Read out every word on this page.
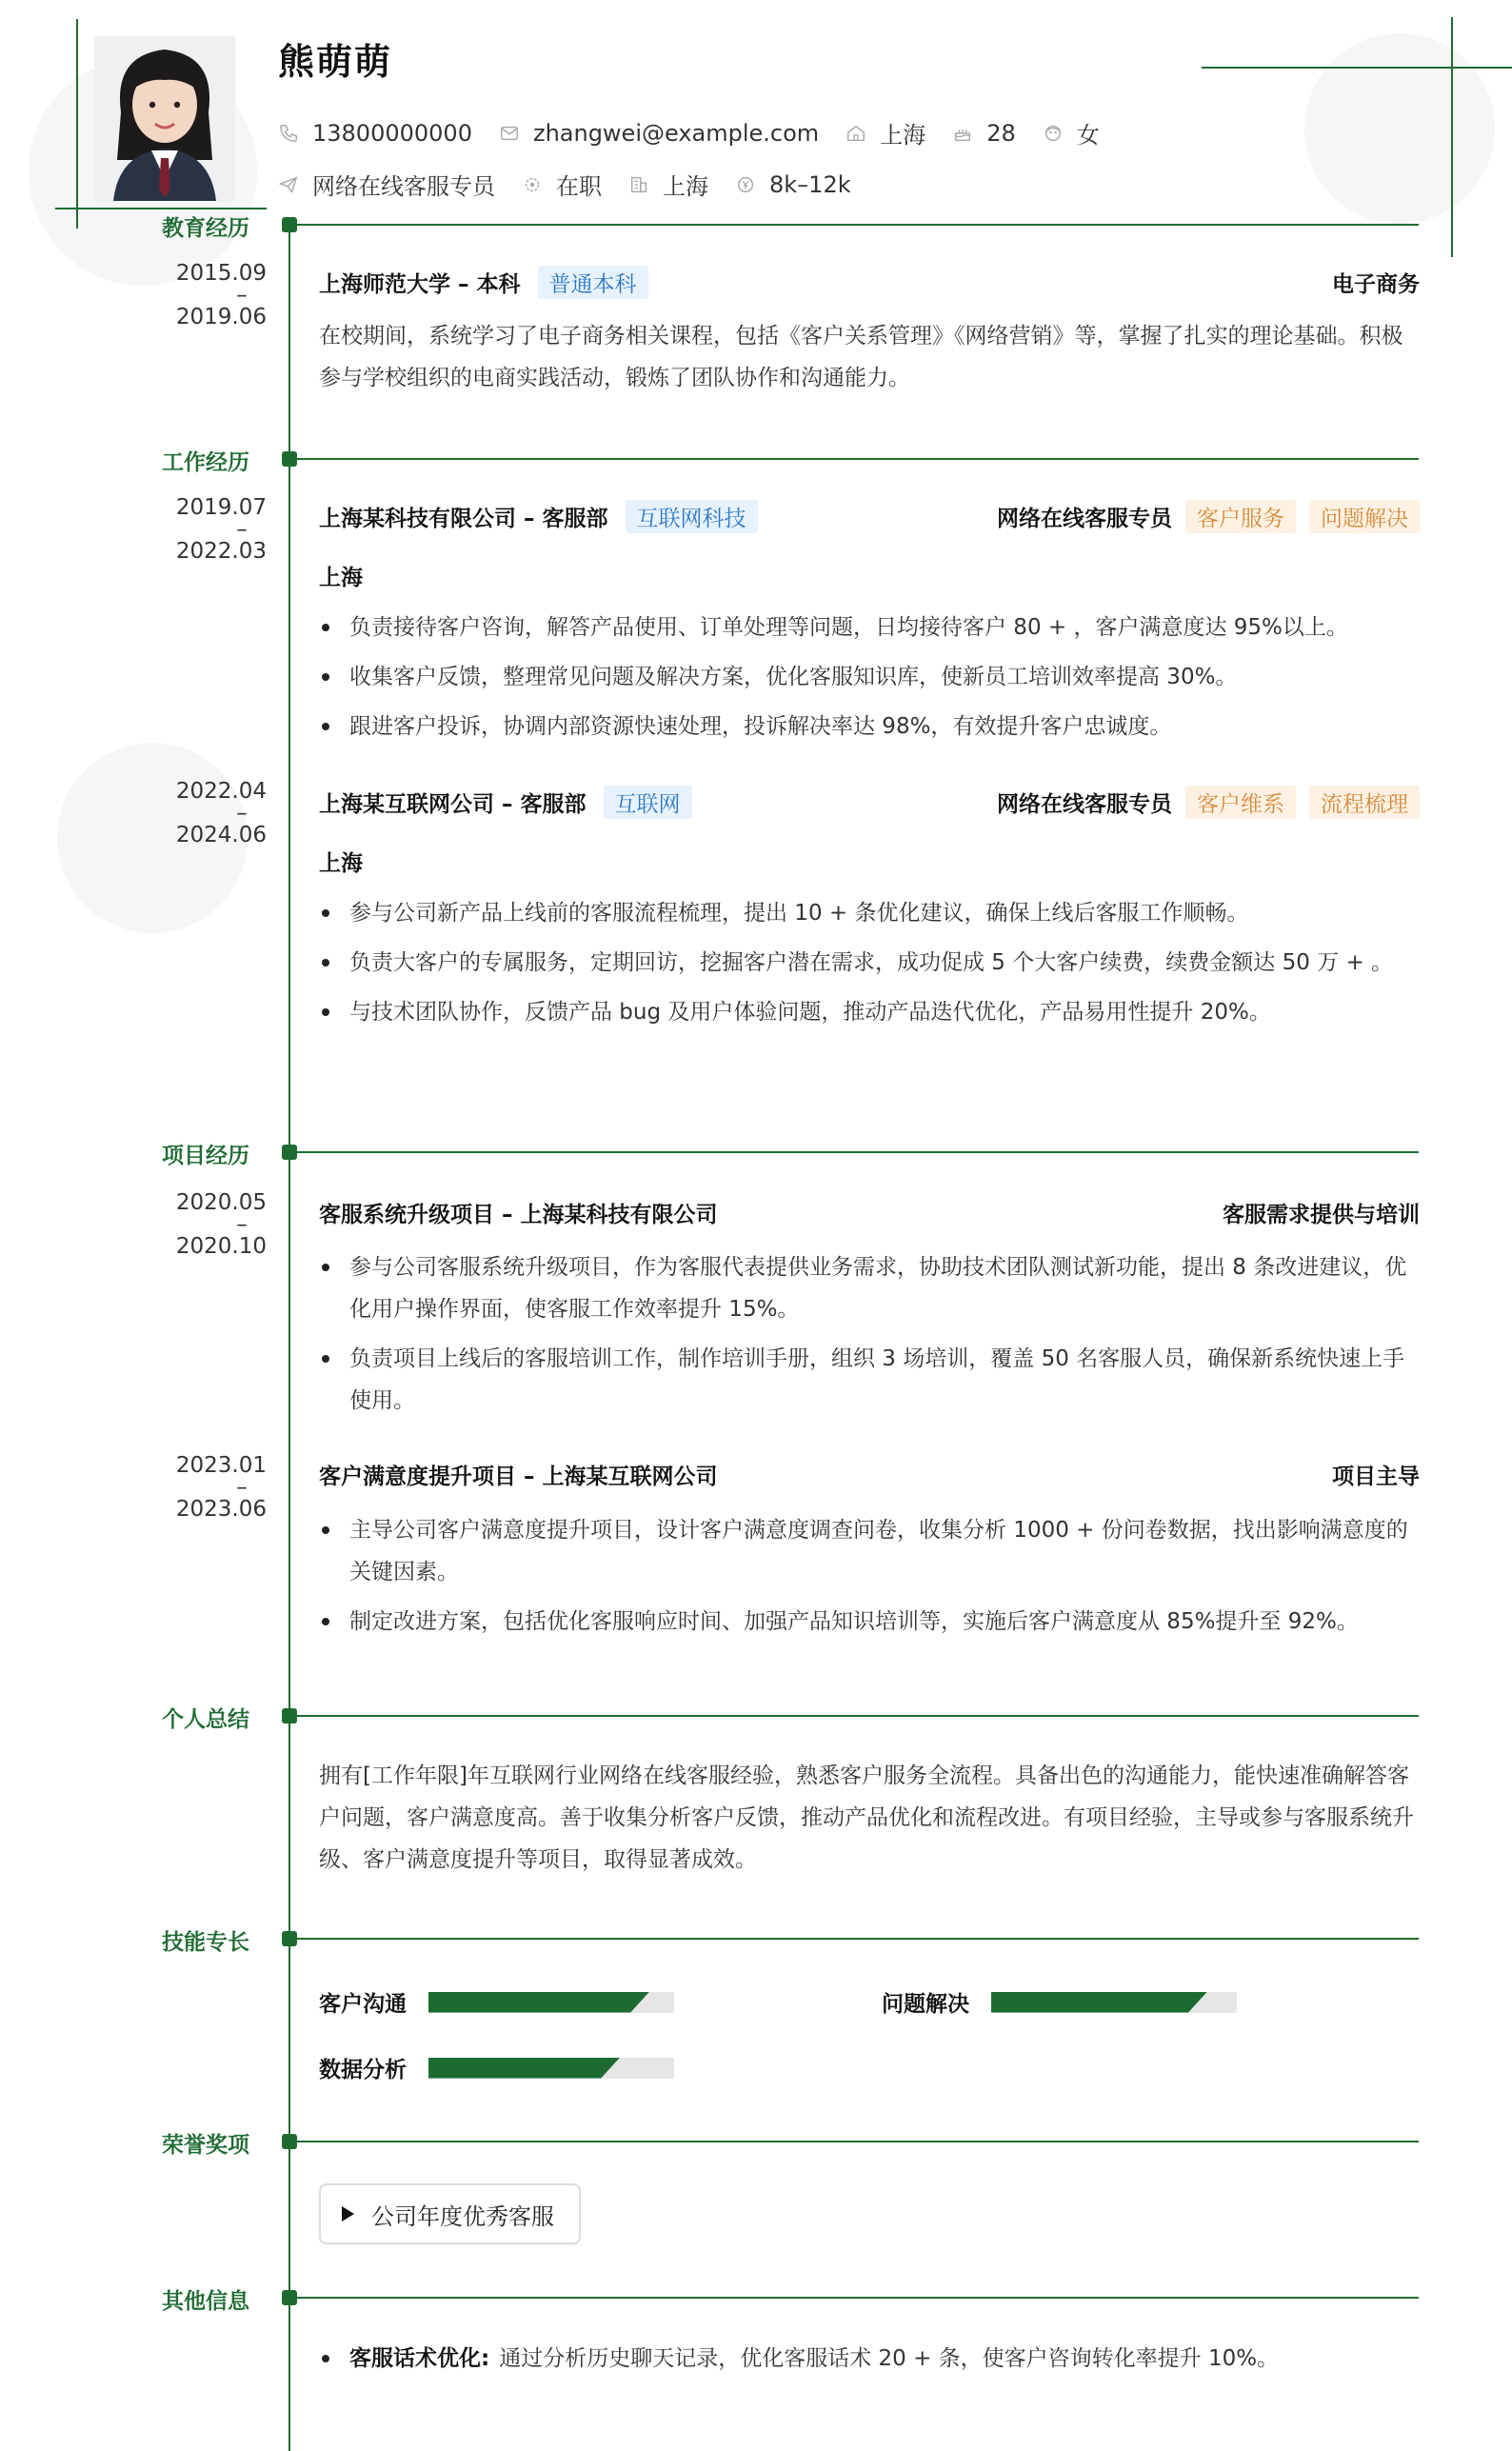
熊萌萌
13800000000	zhangwei@example.com	上海	28	女
网络在线客服专员	在职	上海	8k–12k
教育经历
2015.09
–
2019.06
上海师范大学 – 本科	普通本科	电子商务
在校期间，系统学习了电子商务相关课程，包括《客户关系管理》《网络营销》等，掌握了扎实的理论基础。积极参与学校组织的电商实践活动，锻炼了团队协作和沟通能力。
工作经历
2019.07
–
2022.03
上海某科技有限公司 – 客服部	互联网科技	网络在线客服专员	客户服务	问题解决
上海
负责接待客户咨询，解答产品使用、订单处理等问题，日均接待客户 80 + ，客户满意度达 95%以上。
收集客户反馈，整理常见问题及解决方案，优化客服知识库，使新员工培训效率提高 30%。
跟进客户投诉，协调内部资源快速处理，投诉解决率达 98%，有效提升客户忠诚度。
2022.04
–
2024.06
上海某互联网公司 – 客服部	互联网	网络在线客服专员	客户维系	流程梳理
上海
参与公司新产品上线前的客服流程梳理，提出 10 + 条优化建议，确保上线后客服工作顺畅。
负责大客户的专属服务，定期回访，挖掘客户潜在需求，成功促成 5 个大客户续费，续费金额达 50 万 + 。
与技术团队协作，反馈产品 bug 及用户体验问题，推动产品迭代优化，产品易用性提升 20%。
项目经历
2020.05
–
2020.10
客服系统升级项目 – 上海某科技有限公司	客服需求提供与培训
参与公司客服系统升级项目，作为客服代表提供业务需求，协助技术团队测试新功能，提出 8 条改进建议，优化用户操作界面，使客服工作效率提升 15%。
负责项目上线后的客服培训工作，制作培训手册，组织 3 场培训，覆盖 50 名客服人员，确保新系统快速上手使用。
2023.01
–
2023.06
客户满意度提升项目 – 上海某互联网公司	项目主导
主导公司客户满意度提升项目，设计客户满意度调查问卷，收集分析 1000 + 份问卷数据，找出影响满意度的关键因素。
制定改进方案，包括优化客服响应时间、加强产品知识培训等，实施后客户满意度从 85%提升至 92%。
个人总结
拥有[工作年限]年互联网行业网络在线客服经验，熟悉客户服务全流程。具备出色的沟通能力，能快速准确解答客户问题，客户满意度高。善于收集分析客户反馈，推动产品优化和流程改进。有项目经验，主导或参与客服系统升级、客户满意度提升等项目，取得显著成效。
技能专长
客户沟通	问题解决
数据分析
荣誉奖项
公司年度优秀客服
其他信息
客服话术优化: 通过分析历史聊天记录，优化客服话术 20 + 条，使客户咨询转化率提升 10%。
